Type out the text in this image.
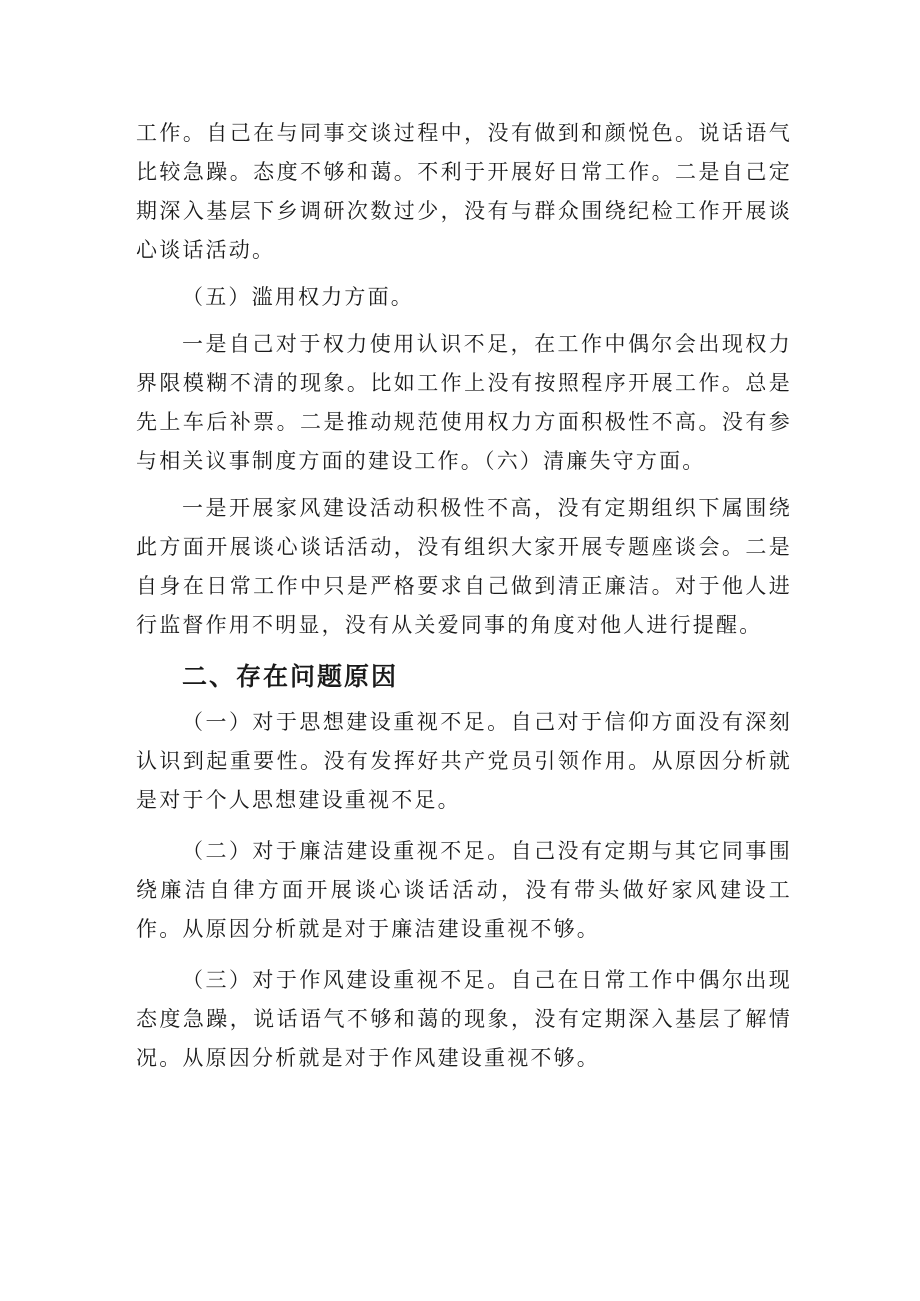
工作。自己在与同事交谈过程中，没有做到和颜悦色。说话语气比较急躁。态度不够和蔼。不利于开展好日常工作。二是自己定期深入基层下乡调研次数过少，没有与群众围绕纪检工作开展谈心谈话活动。

（五）滥用权力方面。

一是自己对于权力使用认识不足，在工作中偶尔会出现权力界限模糊不清的现象。比如工作上没有按照程序开展工作。总是先上车后补票。二是推动规范使用权力方面积极性不高。没有参与相关议事制度方面的建设工作。（六）清廉失守方面。

一是开展家风建设活动积极性不高，没有定期组织下属围绕此方面开展谈心谈话活动，没有组织大家开展专题座谈会。二是自身在日常工作中只是严格要求自己做到清正廉洁。对于他人进行监督作用不明显，没有从关爱同事的角度对他人进行提醒。

二、存在问题原因

（一）对于思想建设重视不足。自己对于信仰方面没有深刻认识到起重要性。没有发挥好共产党员引领作用。从原因分析就是对于个人思想建设重视不足。

（二）对于廉洁建设重视不足。自己没有定期与其它同事围绕廉洁自律方面开展谈心谈话活动，没有带头做好家风建设工作。从原因分析就是对于廉洁建设重视不够。

（三）对于作风建设重视不足。自己在日常工作中偶尔出现态度急躁，说话语气不够和蔼的现象，没有定期深入基层了解情况。从原因分析就是对于作风建设重视不够。
